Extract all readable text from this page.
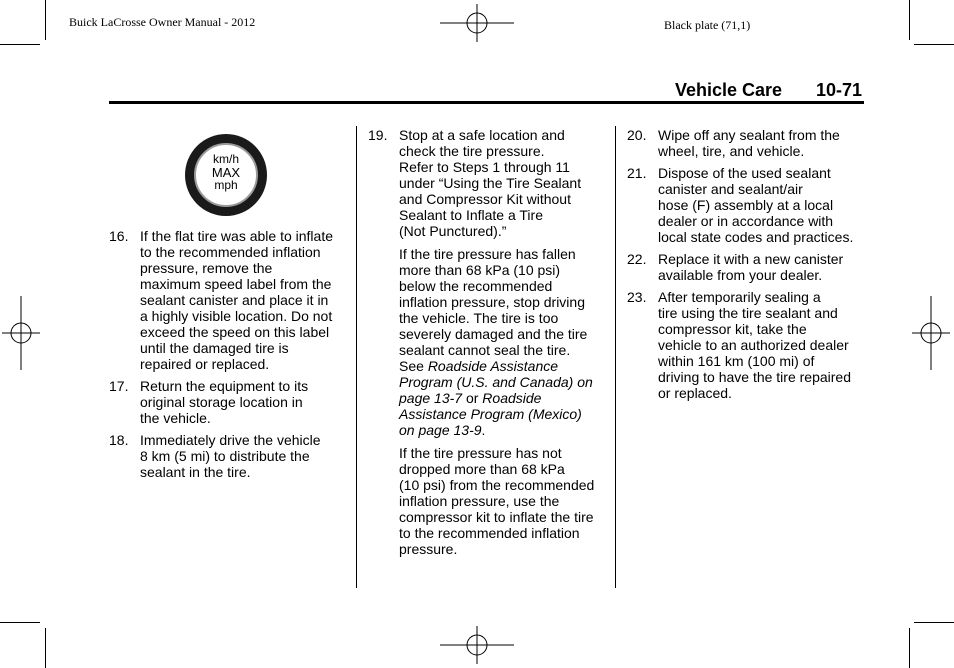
Buick LaCrosse Owner Manual - 2012	Black plate (71,1)
Vehicle Care 10-71
km/h
MAX
mph
16. If the flat tire was able to inflate
to the recommended inflation
pressure, remove the
maximum speed label from the
sealant canister and place it in
a highly visible location. Do not
exceed the speed on this label
until the damaged tire is
repaired or replaced.

17. Return the equipment to its
original storage location in
the vehicle.

18. Immediately drive the vehicle
8 km (5 mi) to distribute the
sealant in the tire.

19. Stop at a safe location and
check the tire pressure.
Refer to Steps 1 through 11
under “Using the Tire Sealant
and Compressor Kit without
Sealant to Inflate a Tire
(Not Punctured).”

If the tire pressure has fallen
more than 68 kPa (10 psi)
below the recommended
inflation pressure, stop driving
the vehicle. The tire is too
severely damaged and the tire
sealant cannot seal the tire.
See Roadside Assistance
Program (U.S. and Canada) on
page 13-7 or Roadside
Assistance Program (Mexico)
on page 13-9.

If the tire pressure has not
dropped more than 68 kPa
(10 psi) from the recommended
inflation pressure, use the
compressor kit to inflate the tire
to the recommended inflation
pressure.

20. Wipe off any sealant from the
wheel, tire, and vehicle.

21. Dispose of the used sealant
canister and sealant/air
hose (F) assembly at a local
dealer or in accordance with
local state codes and practices.

22. Replace it with a new canister
available from your dealer.

23. After temporarily sealing a
tire using the tire sealant and
compressor kit, take the
vehicle to an authorized dealer
within 161 km (100 mi) of
driving to have the tire repaired
or replaced.
